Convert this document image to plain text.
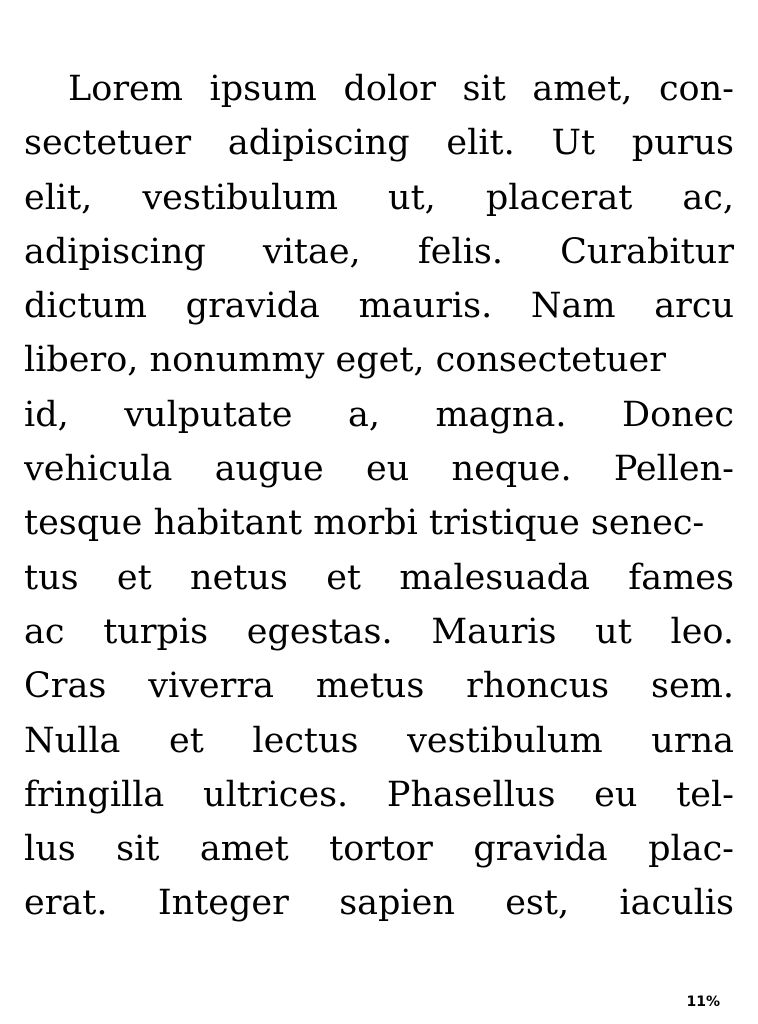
Lorem ipsum dolor sit amet, con-
sectetuer adipiscing elit. Ut purus
elit, vestibulum ut, placerat ac,
adipiscing vitae, felis. Curabitur
dictum gravida mauris. Nam arcu
libero, nonummy eget, consectetuer
id, vulputate a, magna. Donec
vehicula augue eu neque. Pellen-
tesque habitant morbi tristique senec-
tus et netus et malesuada fames
ac turpis egestas. Mauris ut leo.
Cras viverra metus rhoncus sem.
Nulla et lectus vestibulum urna
fringilla ultrices. Phasellus eu tel-
lus sit amet tortor gravida plac-
erat. Integer sapien est, iaculis
11%
